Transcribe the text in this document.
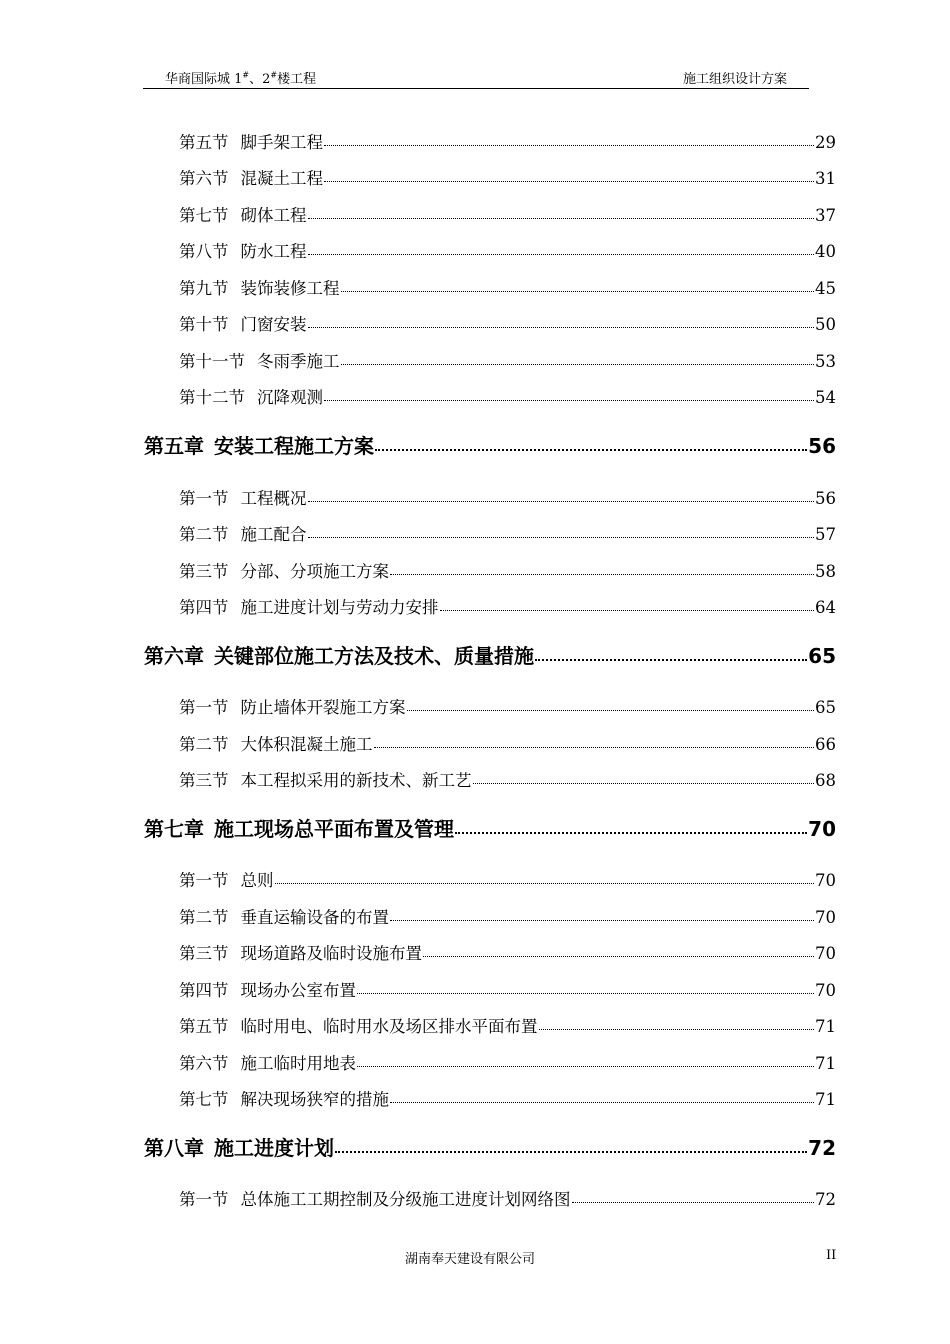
华商国际城 1#、2#楼工程	施工组织设计方案
第五节 脚手架工程	29
第六节 混凝土工程	31
第七节 砌体工程	37
第八节 防水工程	40
第九节 装饰装修工程	45
第十节 门窗安装	50
第十一节 冬雨季施工	53
第十二节 沉降观测	54
第五章 安装工程施工方案	56
第一节 工程概况	56
第二节 施工配合	57
第三节 分部、分项施工方案	58
第四节 施工进度计划与劳动力安排	64
第六章 关键部位施工方法及技术、质量措施	65
第一节 防止墙体开裂施工方案	65
第二节 大体积混凝土施工	66
第三节 本工程拟采用的新技术、新工艺	68
第七章 施工现场总平面布置及管理	70
第一节 总则	70
第二节 垂直运输设备的布置	70
第三节 现场道路及临时设施布置	70
第四节 现场办公室布置	70
第五节 临时用电、临时用水及场区排水平面布置	71
第六节 施工临时用地表	71
第七节 解决现场狭窄的措施	71
第八章 施工进度计划	72
第一节 总体施工工期控制及分级施工进度计划网络图	72
湖南奉天建设有限公司	II
